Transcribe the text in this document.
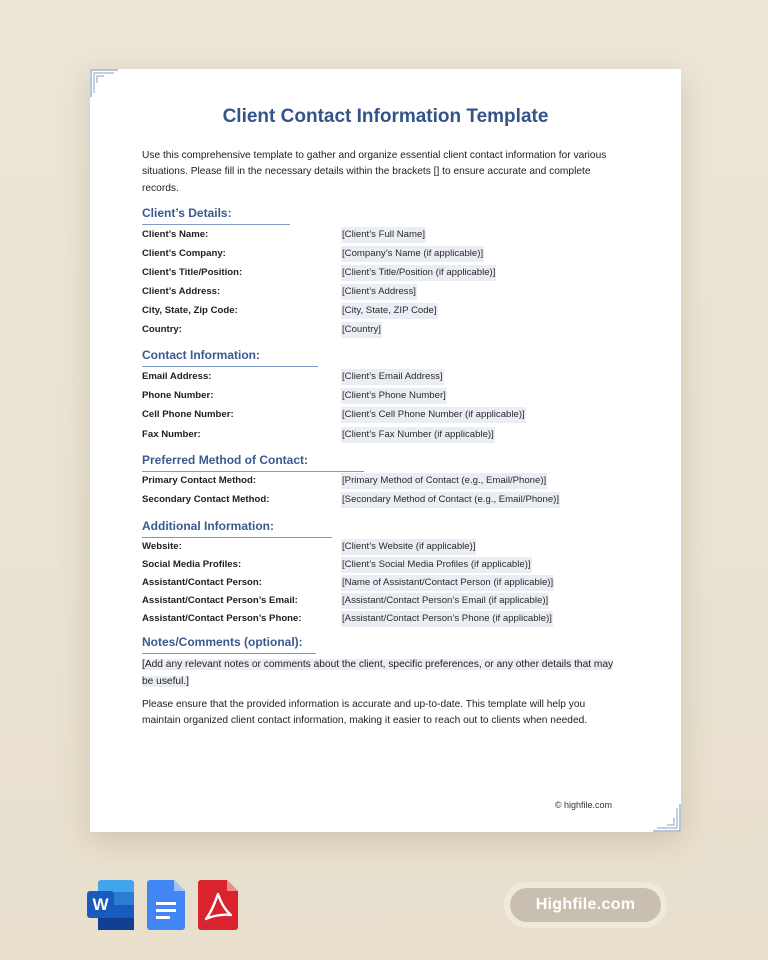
Client Contact Information Template
Use this comprehensive template to gather and organize essential client contact information for various situations. Please fill in the necessary details within the brackets [] to ensure accurate and complete records.
Client’s Details:
Client’s Name:	[Client’s Full Name]
Client’s Company:	[Company’s Name (if applicable)]
Client’s Title/Position:	[Client’s Title/Position (if applicable)]
Client’s Address:	[Client’s Address]
City, State, Zip Code:	[City, State, ZIP Code]
Country:	[Country]
Contact Information:
Email Address:	[Client’s Email Address]
Phone Number:	[Client’s Phone Number]
Cell Phone Number:	[Client’s Cell Phone Number (if applicable)]
Fax Number:	[Client’s Fax Number (if applicable)]
Preferred Method of Contact:
Primary Contact Method:	[Primary Method of Contact (e.g., Email/Phone)]
Secondary Contact Method:	[Secondary Method of Contact (e.g., Email/Phone)]
Additional Information:
Website:	[Client’s Website (if applicable)]
Social Media Profiles:	[Client’s Social Media Profiles (if applicable)]
Assistant/Contact Person:	[Name of Assistant/Contact Person (if applicable)]
Assistant/Contact Person’s Email:	[Assistant/Contact Person’s Email (if applicable)]
Assistant/Contact Person’s Phone:	[Assistant/Contact Person’s Phone (if applicable)]
Notes/Comments (optional):
[Add any relevant notes or comments about the client, specific preferences, or any other details that may be useful.]
Please ensure that the provided information is accurate and up-to-date. This template will help you maintain organized client contact information, making it easier to reach out to clients when needed.
© highfile.com
W	Highfile.com
